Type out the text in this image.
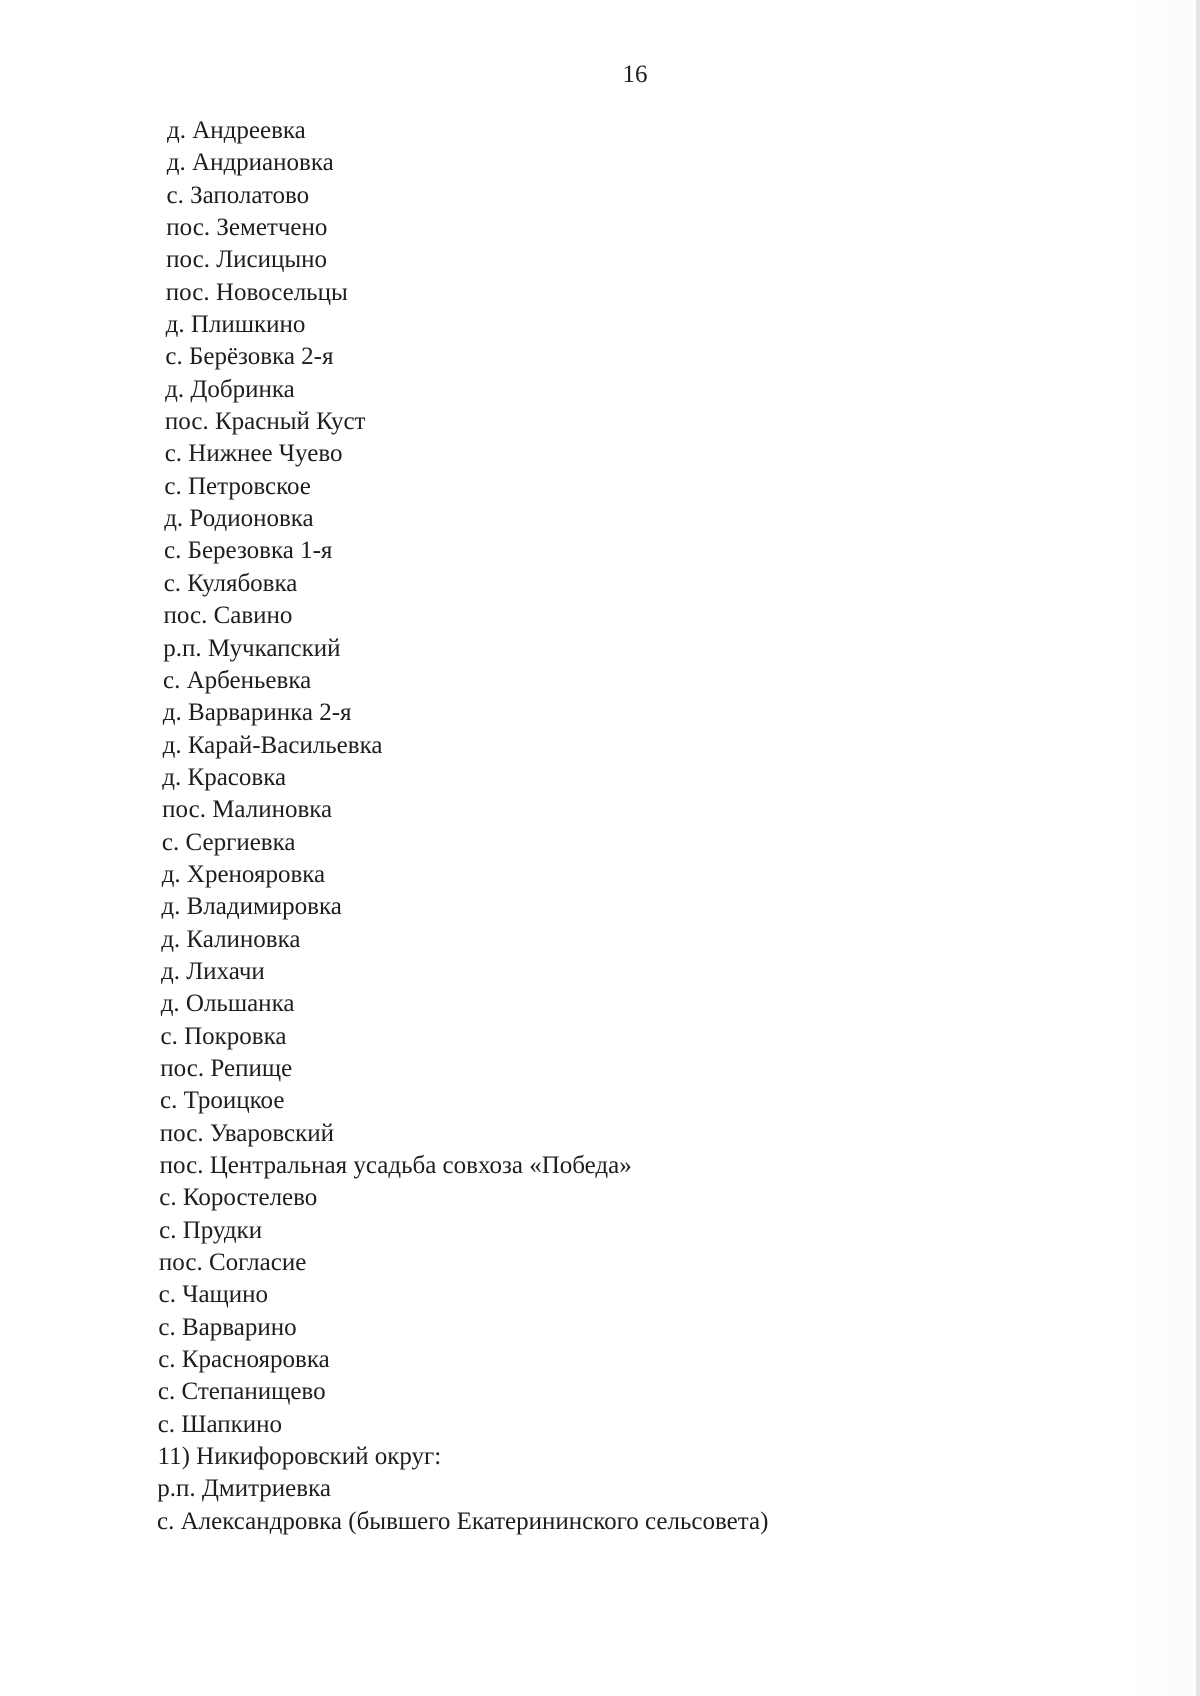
16
д. Андреевка
д. Андриановка
с. Заполатово
пос. Земетчено
пос. Лисицыно
пос. Новосельцы
д. Плишкино
с. Берёзовка 2-я
д. Добринка
пос. Красный Куст
с. Нижнее Чуево
с. Петровское
д. Родионовка
с. Березовка 1-я
с. Кулябовка
пос. Савино
р.п. Мучкапский
с. Арбеньевка
д. Варваринка 2-я
д. Карай-Васильевка
д. Красовка
пос. Малиновка
с. Сергиевка
д. Хренояровка
д. Владимировка
д. Калиновка
д. Лихачи
д. Ольшанка
с. Покровка
пос. Репище
с. Троицкое
пос. Уваровский
пос. Центральная усадьба совхоза «Победа»
с. Коростелево
с. Прудки
пос. Согласие
с. Чащино
с. Варварино
с. Краснояровка
с. Степанищево
с. Шапкино
11) Никифоровский округ:
р.п. Дмитриевка
с. Александровка (бывшего Екатерининского сельсовета)
